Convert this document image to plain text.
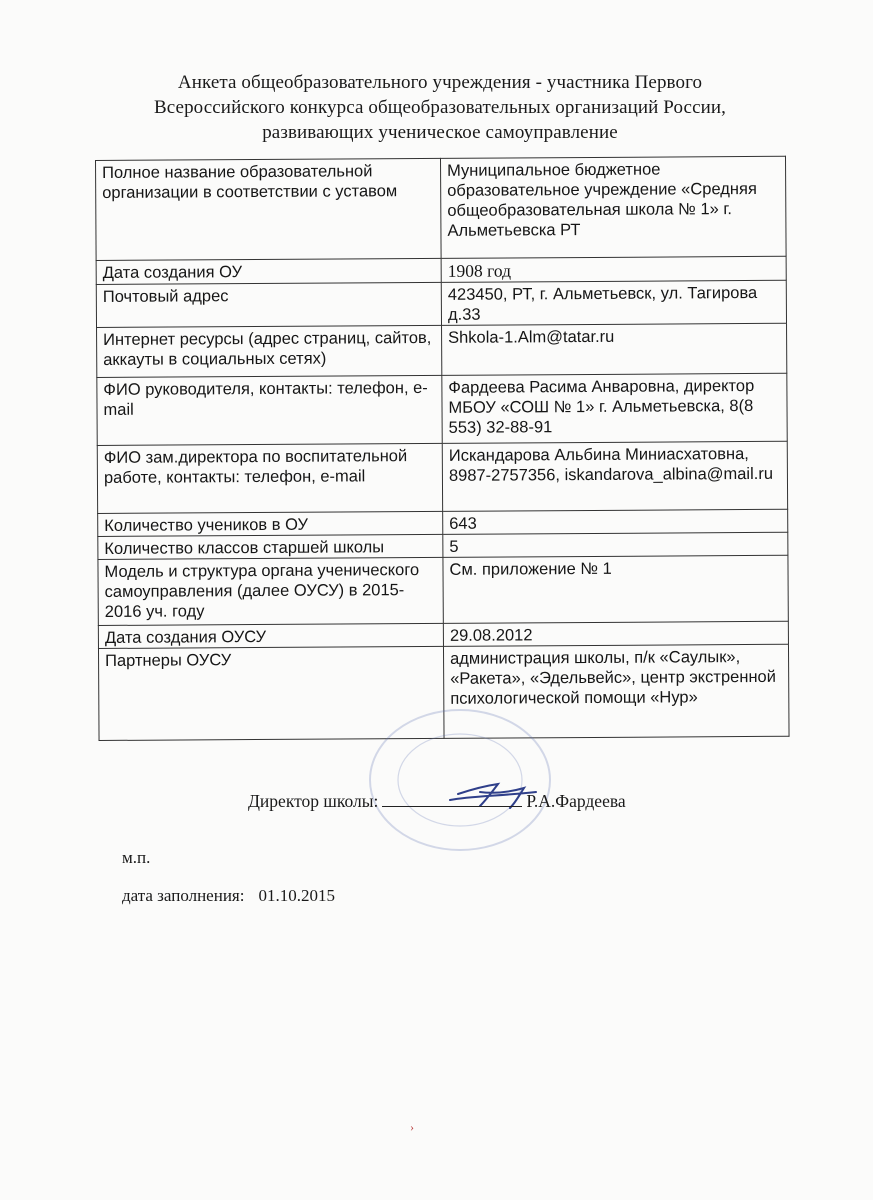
Анкета общеобразовательного учреждения - участника Первого
Всероссийского конкурса общеобразовательных организаций России,
развивающих ученическое самоуправление
Полное название образовательной организации в соответствии с уставом	Муниципальное бюджетное образовательное учреждение «Средняя общеобразовательная школа № 1» г. Альметьевска РТ
Дата создания ОУ	1908 год
Почтовый адрес	423450, РТ, г. Альметьевск, ул. Тагирова д.33
Интернет ресурсы (адрес страниц, сайтов, аккауты в социальных сетях)	Shkola-1.Alm@tatar.ru
ФИО руководителя, контакты: телефон, e-mail	Фардеева Расима Анваровна, директор МБОУ «СОШ № 1» г. Альметьевска, 8(8 553) 32-88-91
ФИО зам.директора по воспитательной работе, контакты: телефон, e-mail	Искандарова Альбина Миниасхатовна, 8987-2757356, iskandarova_albina@mail.ru
Количество учеников в ОУ	643
Количество классов старшей школы	5
Модель и структура органа ученического самоуправления (далее ОУСУ) в 2015- 2016 уч. году	См. приложение № 1
Дата создания ОУСУ	29.08.2012
Партнеры ОУСУ	администрация школы, п/к «Саулык», «Ракета», «Эдельвейс», центр экстренной психологической помощи «Нур»
Директор школы:	Р.А.Фардеева
м.п.
дата заполнения: 01.10.2015
›
